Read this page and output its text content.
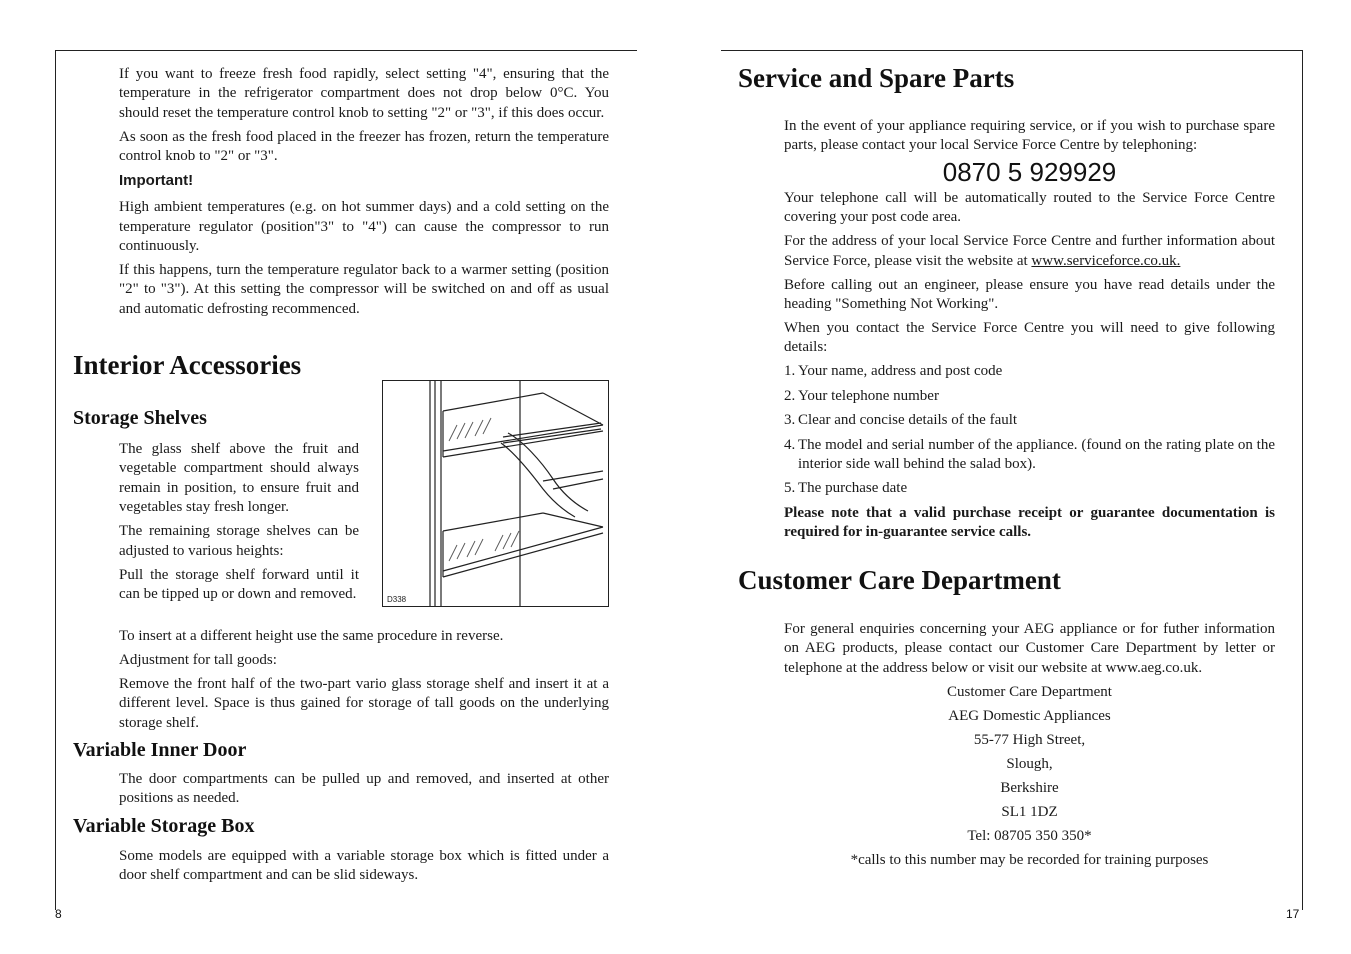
If you want to freeze fresh food rapidly, select setting "4", ensuring that the temperature in the refrigerator compartment does not drop below 0°C. You should reset the temperature control knob to setting "2" or "3", if this does occur.

As soon as the fresh food placed in the freezer has frozen, return the temperature control knob to "2" or "3".

Important!

High ambient temperatures (e.g. on hot summer days) and a cold setting on the temperature regulator (position"3" to "4") can cause the compressor to run continuously.

If this happens, turn the temperature regulator back to a warmer setting (position "2" to "3"). At this setting the compressor will be switched on and off as usual and automatic defrosting recommenced.

Interior Accessories
Storage Shelves

The glass shelf above the fruit and vegetable compartment should always remain in position, to ensure fruit and vegetables stay fresh longer.

The remaining storage shelves can be adjusted to various heights:

Pull the storage shelf forward until it can be tipped up or down and removed.	D338

To insert at a different height use the same procedure in reverse.

Adjustment for tall goods:

Remove the front half of the two-part vario glass storage shelf and insert it at a different level. Space is thus gained for storage of tall goods on the underlying storage shelf.

Variable Inner Door

The door compartments can be pulled up and removed, and inserted at other positions as needed.

Variable Storage Box

Some models are equipped with a variable storage box which is fitted under a door shelf compartment and can be slid sideways.

8
Service and Spare Parts

In the event of your appliance requiring service, or if you wish to purchase spare parts, please contact your local Service Force Centre by telephoning:

0870 5 929929

Your telephone call will be automatically routed to the Service Force Centre covering your post code area.

For the address of your local Service Force Centre and further information about Service Force, please visit the website at www.serviceforce.co.uk.

Before calling out an engineer, please ensure you have read details under the heading "Something Not Working".

When you contact the Service Force Centre you will need to give following details:

1. Your name, address and post code
2. Your telephone number
3. Clear and concise details of the fault
4. The model and serial number of the appliance. (found on the rating plate on the interior side wall behind the salad box).
5. The purchase date

Please note that a valid purchase receipt or guarantee documentation is required for in-guarantee service calls.

Customer Care Department

For general enquiries concerning your AEG appliance or for futher information on AEG products, please contact our Customer Care Department by letter or telephone at the address below or visit our website at www.aeg.co.uk.

Customer Care Department

AEG Domestic Appliances

55-77 High Street,

Slough,

Berkshire

SL1 1DZ

Tel: 08705 350 350*

*calls to this number may be recorded for training purposes

17
